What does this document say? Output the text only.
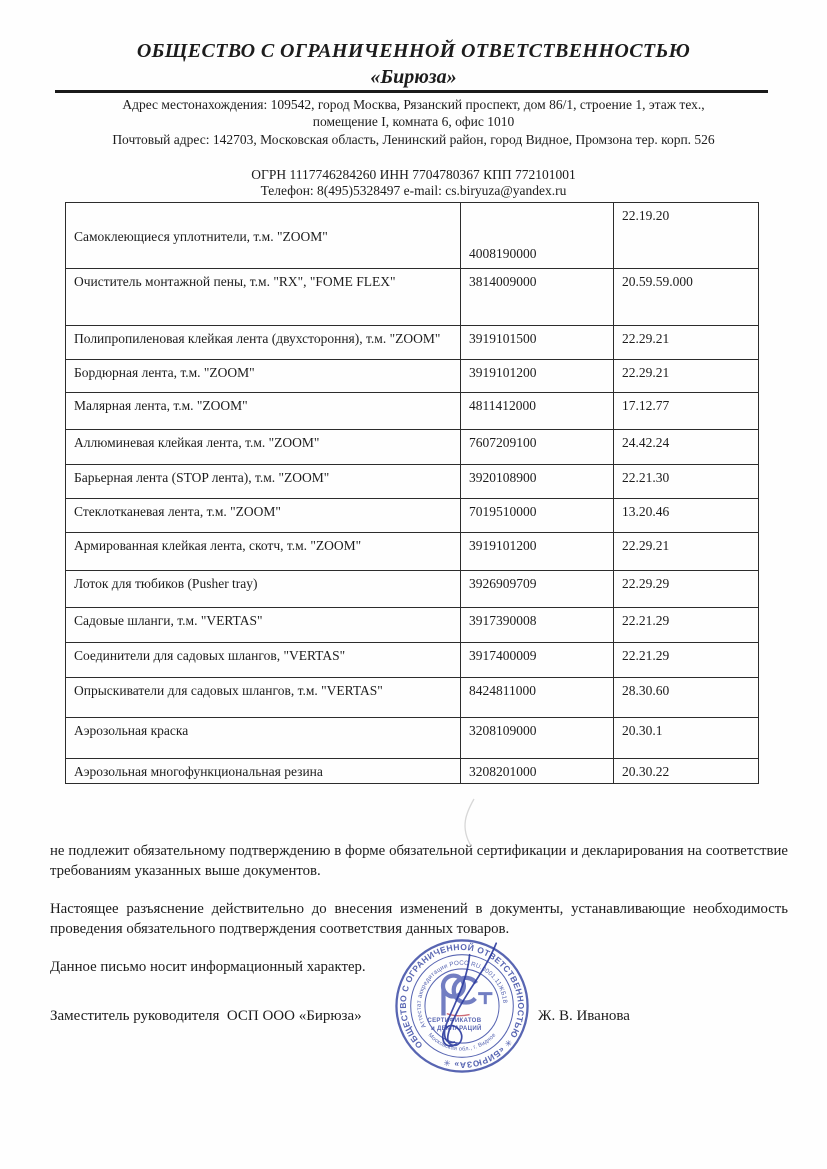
ОБЩЕСТВО С ОГРАНИЧЕННОЙ ОТВЕТСТВЕННОСТЬЮ
«Бирюза»
Адрес местонахождения: 109542, город Москва, Рязанский проспект, дом 86/1, строение 1, этаж тех.,
помещение I, комната 6, офис 1010
Почтовый адрес: 142703, Московская область, Ленинский район, город Видное, Промзона тер. корп. 526
ОГРН 1117746284260 ИНН 7704780367 КПП 772101001
Телефон: 8(495)5328497 e-mail: cs.biryuza@yandex.ru
Самоклеющиеся уплотнители, т.м. "ZOOM"	4008190000	22.19.20
Очиститель монтажной пены, т.м. "RX", "FOME FLEX"	3814009000	20.59.59.000
Полипропиленовая клейкая лента (двухстороння), т.м. "ZOOM"	3919101500	22.29.21
Бордюрная лента, т.м. "ZOOM"	3919101200	22.29.21
Малярная лента, т.м. "ZOOM"	4811412000	17.12.77
Аллюминевая клейкая лента, т.м. "ZOOM"	7607209100	24.42.24
Барьерная лента (STOP лента), т.м. "ZOOM"	3920108900	22.21.30
Стеклотканевая лента, т.м. "ZOOM"	7019510000	13.20.46
Армированная клейкая лента, скотч, т.м. "ZOOM"	3919101200	22.29.21
Лоток для тюбиков (Pusher tray)	3926909709	22.29.29
Садовые шланги, т.м. "VERTAS"	3917390008	22.21.29
Соединители для садовых шлангов, "VERTAS"	3917400009	22.21.29
Опрыскиватели для садовых шлангов, т.м. "VERTAS"	8424811000	28.30.60
Аэрозольная краска	3208109000	20.30.1
Аэрозольная многофункциональная резина	3208201000	20.30.22

не подлежит обязательному подтверждению в форме обязательной сертификации и декларирования на соответствие требованиям указанных выше документов.

Настоящее разъяснение действительно до внесения изменений в документы, устанавливающие необходимость проведения обязательного подтверждения соответствия данных товаров.

Данное письмо носит информационный характер.

Заместитель руководителя  ОСП ООО «Бирюза»	Ж. В. Иванова
ОБЩЕСТВО С ОГРАНИЧЕННОЙ ОТВЕТСТВЕННОСТЬЮ ✳ «БИРЮЗА» ✳
Аттестат аккредитации РОСС RU.0001.11ЖБ18
Московская обл., г. Видное
СЕРТИФИКАТОВ
и ДЕКЛАРАЦИЙ
